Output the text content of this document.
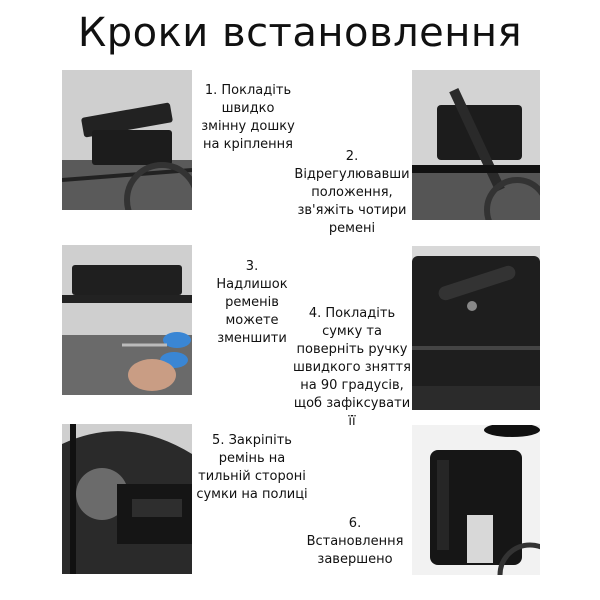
Кроки встановлення
1. Покладіть швидко змінну дошку на кріплення
2. Відрегулювавши положення, зв'яжіть чотири ремені
3. Надлишок ременів можете зменшити
4. Покладіть сумку та поверніть ручку швидкого зняття на 90 градусів, щоб зафіксувати її
5. Закріпіть ремінь на тильній стороні сумки на полиці
6. Встановлення завершено
